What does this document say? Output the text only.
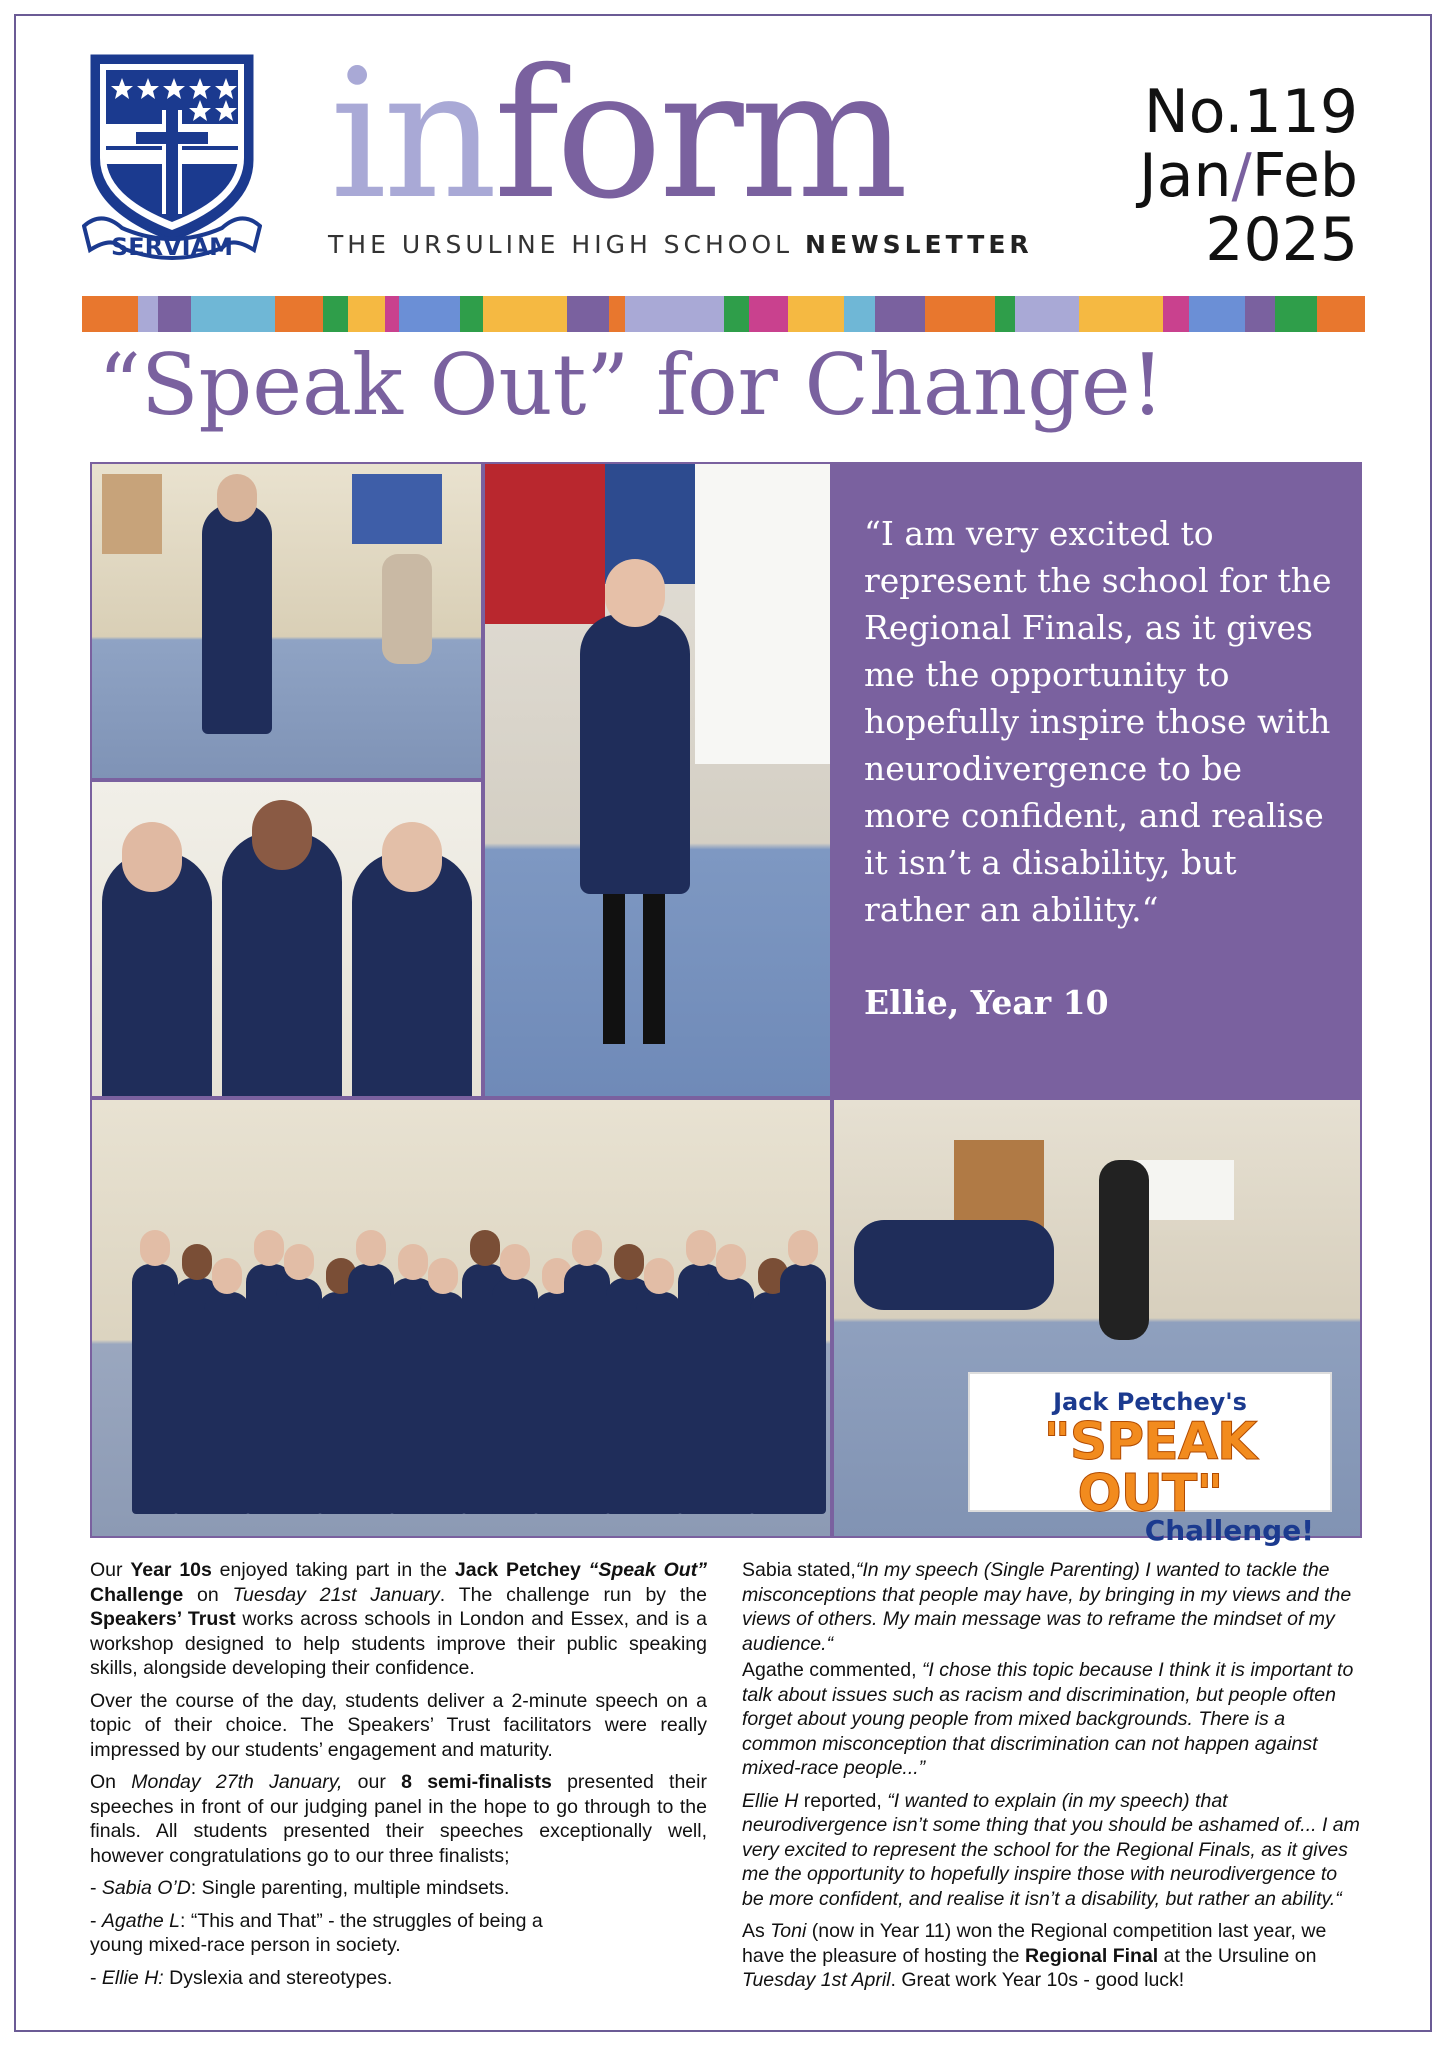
SERVIAM
inform
THE URSULINE HIGH SCHOOL NEWSLETTER
No.119
Jan/Feb
2025
“Speak Out” for Change!
“I am very excited to represent the school for the Regional Finals, as it gives me the opportunity to hopefully inspire those with neurodivergence to be more confident, and realise it isn’t a disability, but rather an ability.“
Ellie, Year 10
Jack Petchey's
"SPEAK OUT"
Challenge!

Our Year 10s enjoyed taking part in the Jack Petchey “Speak Out” Challenge on Tuesday 21st January. The challenge run by the Speakers’ Trust works across schools in London and Essex, and is a workshop designed to help students improve their public speaking skills, alongside developing their confidence.

Over the course of the day, students deliver a 2-minute speech on a topic of their choice. The Speakers’ Trust facilitators were really impressed by our students’ engagement and maturity.

On Monday 27th January, our 8 semi-finalists presented their speeches in front of our judging panel in the hope to go through to the finals. All students presented their speeches exceptionally well, however congratulations go to our three finalists;

- Sabia O’D: Single parenting, multiple mindsets.
- Agathe L: “This and That” - the struggles of being a young mixed-race person in society.
- Ellie H: Dyslexia and stereotypes.

Sabia stated,“In my speech (Single Parenting) I wanted to tackle the misconceptions that people may have, by bringing in my views and the views of others. My main message was to reframe the mindset of my audience.“

Agathe commented, “I chose this topic because I think it is important to talk about issues such as racism and discrimination, but people often forget about young people from mixed backgrounds. There is a common misconception that discrimination can not happen against mixed-race people...”

Ellie H reported, “I wanted to explain (in my speech) that neurodivergence isn’t some thing that you should be ashamed of... I am very excited to represent the school for the Regional Finals, as it gives me the opportunity to hopefully inspire those with neurodivergence to be more confident, and realise it isn’t a disability, but rather an ability.“

As Toni (now in Year 11) won the Regional competition last year, we have the pleasure of hosting the Regional Final at the Ursuline on Tuesday 1st April. Great work Year 10s - good luck!
